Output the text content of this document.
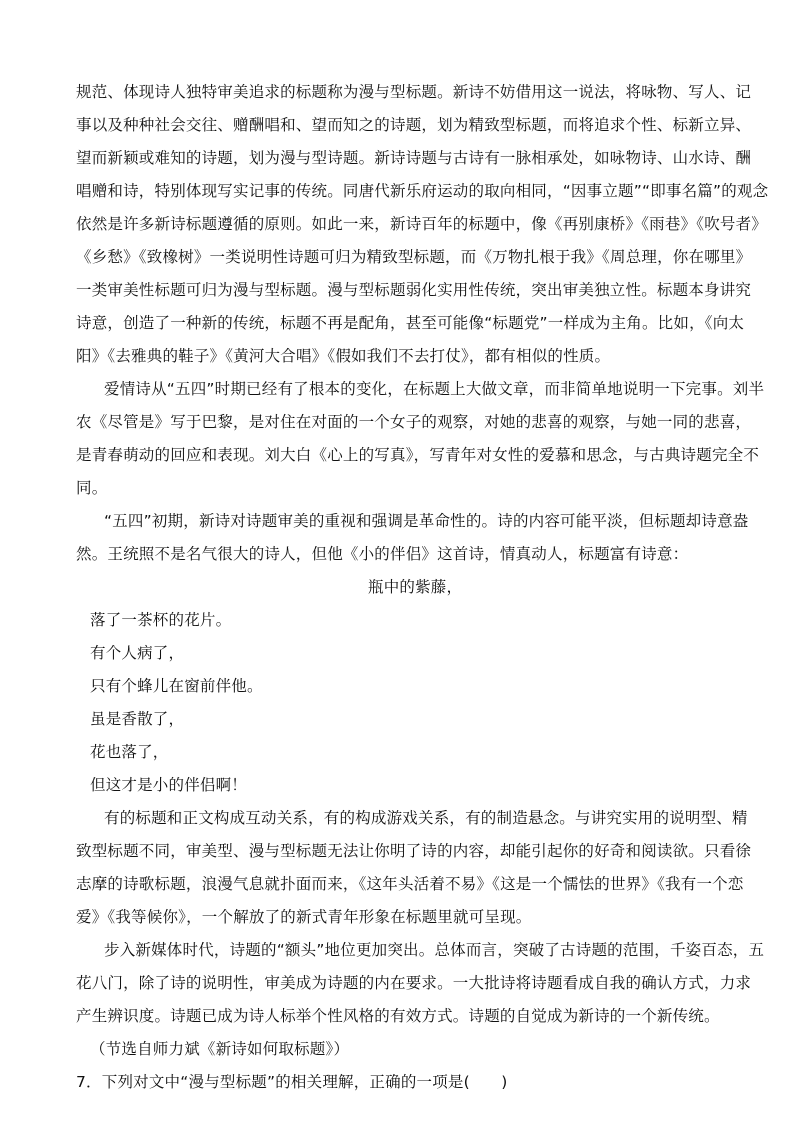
规范、体现诗人独特审美追求的标题称为漫与型标题。新诗不妨借用这一说法，将咏物、写人、记
事以及种种社会交往、赠酬唱和、望而知之的诗题，划为精致型标题，而将追求个性、标新立异、
望而新颖或难知的诗题，划为漫与型诗题。新诗诗题与古诗有一脉相承处，如咏物诗、山水诗、酬
唱赠和诗，特别体现写实记事的传统。同唐代新乐府运动的取向相同，“因事立题”“即事名篇”的观念
依然是许多新诗标题遵循的原则。如此一来，新诗百年的标题中，像《再别康桥》《雨巷》《吹号者》
《乡愁》《致橡树》一类说明性诗题可归为精致型标题，而《万物扎根于我》《周总理，你在哪里》
一类审美性标题可归为漫与型标题。漫与型标题弱化实用性传统，突出审美独立性。标题本身讲究
诗意，创造了一种新的传统，标题不再是配角，甚至可能像“标题党”一样成为主角。比如，《向太
阳》《去雅典的鞋子》《黄河大合唱》《假如我们不去打仗》，都有相似的性质。
爱情诗从“五四”时期已经有了根本的变化，在标题上大做文章，而非简单地说明一下完事。刘半
农《尽管是》写于巴黎，是对住在对面的一个女子的观察，对她的悲喜的观察，与她一同的悲喜，
是青春萌动的回应和表现。刘大白《心上的写真》，写青年对女性的爱慕和思念，与古典诗题完全不
同。
“五四”初期，新诗对诗题审美的重视和强调是革命性的。诗的内容可能平淡，但标题却诗意盎
然。王统照不是名气很大的诗人，但他《小的伴侣》这首诗，情真动人，标题富有诗意：
瓶中的紫藤，
落了一茶杯的花片。
有个人病了，
只有个蜂儿在窗前伴他。
虽是香散了，
花也落了，
但这才是小的伴侣啊！
有的标题和正文构成互动关系，有的构成游戏关系，有的制造悬念。与讲究实用的说明型、精
致型标题不同，审美型、漫与型标题无法让你明了诗的内容，却能引起你的好奇和阅读欲。只看徐
志摩的诗歌标题，浪漫气息就扑面而来，《这年头活着不易》《这是一个懦怯的世界》《我有一个恋
爱》《我等候你》，一个解放了的新式青年形象在标题里就可呈现。
步入新媒体时代，诗题的“额头”地位更加突出。总体而言，突破了古诗题的范围，千姿百态，五
花八门，除了诗的说明性，审美成为诗题的内在要求。一大批诗将诗题看成自我的确认方式，力求
产生辨识度。诗题已成为诗人标举个性风格的有效方式。诗题的自觉成为新诗的一个新传统。
（节选自师力斌《新诗如何取标题》）
7．下列对文中“漫与型标题”的相关理解，正确的一项是(　　)
